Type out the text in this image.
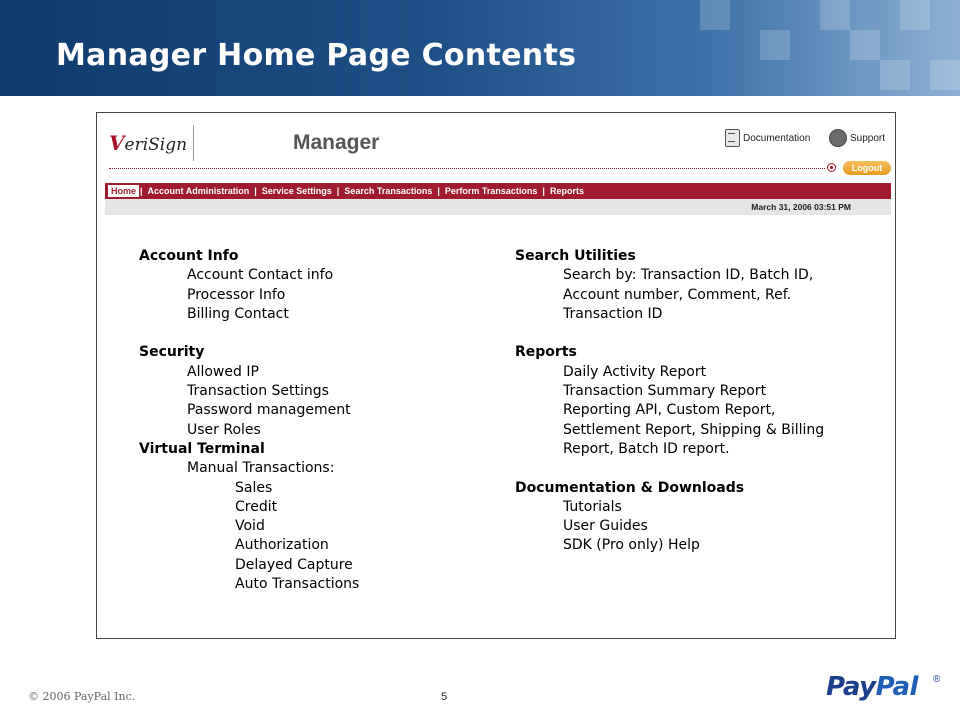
Manager Home Page Contents
VeriSign	Manager	Documentation	Support
Logout
Home | Account Administration | Service Settings | Search Transactions | Perform Transactions | Reports
March 31, 2006 03:51 PM
Account Info
Account Contact info
Processor Info
Billing Contact
Security
Allowed IP
Transaction Settings
Password management
User Roles
Virtual Terminal
Manual Transactions:
Sales
Credit
Void
Authorization
Delayed Capture
Auto Transactions
Search Utilities
Search by: Transaction ID, Batch ID,
Account number, Comment, Ref.
Transaction ID
Reports
Daily Activity Report
Transaction Summary Report
Reporting API, Custom Report,
Settlement Report, Shipping & Billing
Report, Batch ID report.
Documentation & Downloads
Tutorials
User Guides
SDK (Pro only) Help
© 2006 PayPal Inc.	5	PayPal ®
